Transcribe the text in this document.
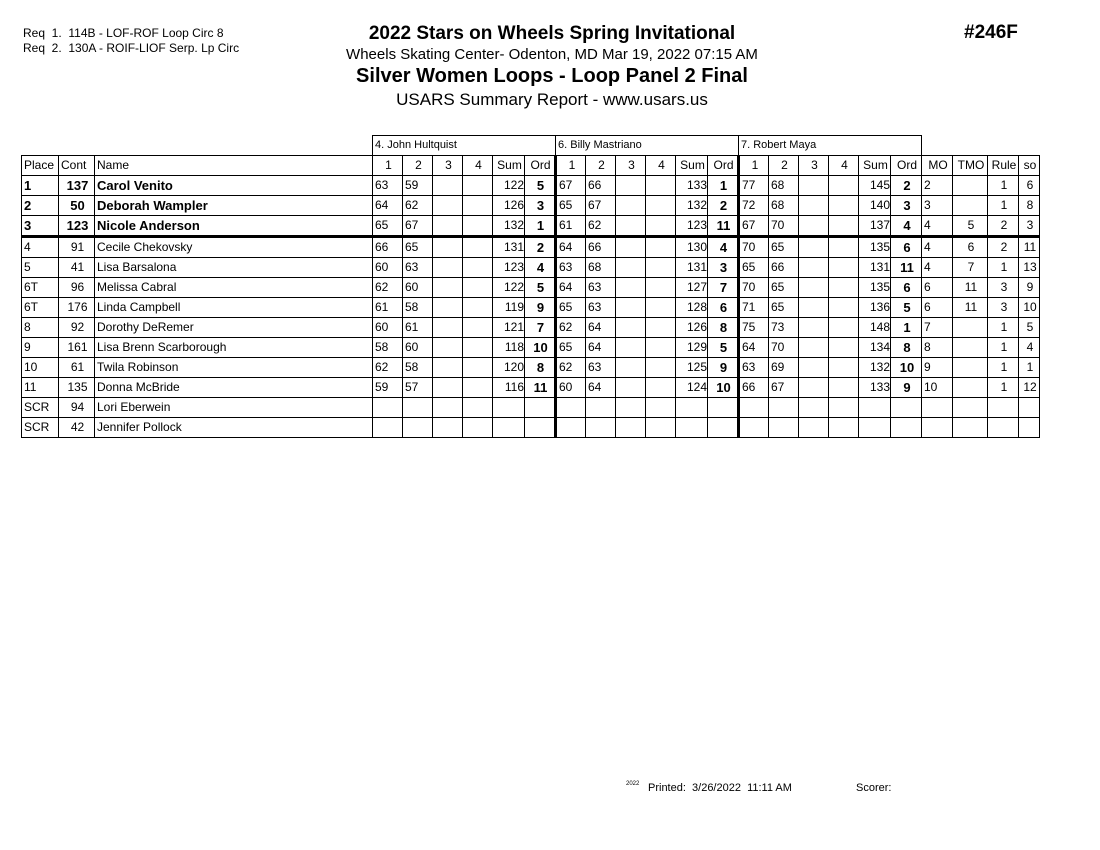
Req  1.  114B - LOF-ROF Loop Circ 8
Req  2.  130A - ROIF-LIOF Serp. Lp Circ
2022 Stars on Wheels Spring Invitational
Wheels Skating Center- Odenton, MD Mar 19, 2022 07:15 AM
Silver Women Loops - Loop Panel 2 Final
USARS Summary Report - www.usars.us
#246F
			4. John Hultquist						6. Billy Mastriano						7. Robert Maya									
Place	Cont	Name	1	2	3	4	Sum	Ord	1	2	3	4	Sum	Ord	1	2	3	4	Sum	Ord	MO	TMO	Rule	so
1	137	Carol Venito	63	59			122	5	67	66			133	1	77	68			145	2	2		1	6
2	50	Deborah Wampler	64	62			126	3	65	67			132	2	72	68			140	3	3		1	8
3	123	Nicole Anderson	65	67			132	1	61	62			123	11	67	70			137	4	4	5	2	3
4	91	Cecile Chekovsky	66	65			131	2	64	66			130	4	70	65			135	6	4	6	2	11
5	41	Lisa Barsalona	60	63			123	4	63	68			131	3	65	66			131	11	4	7	1	13
6T	96	Melissa Cabral	62	60			122	5	64	63			127	7	70	65			135	6	6	11	3	9
6T	176	Linda Campbell	61	58			119	9	65	63			128	6	71	65			136	5	6	11	3	10
8	92	Dorothy DeRemer	60	61			121	7	62	64			126	8	75	73			148	1	7		1	5
9	161	Lisa Brenn Scarborough	58	60			118	10	65	64			129	5	64	70			134	8	8		1	4
10	61	Twila Robinson	62	58			120	8	62	63			125	9	63	69			132	10	9		1	1
11	135	Donna McBride	59	57			116	11	60	64			124	10	66	67			133	9	10		1	12
SCR	94	Lori Eberwein																						
SCR	42	Jennifer Pollock																						
2022 Printed:  3/26/2022  11:11 AM	Scorer:
